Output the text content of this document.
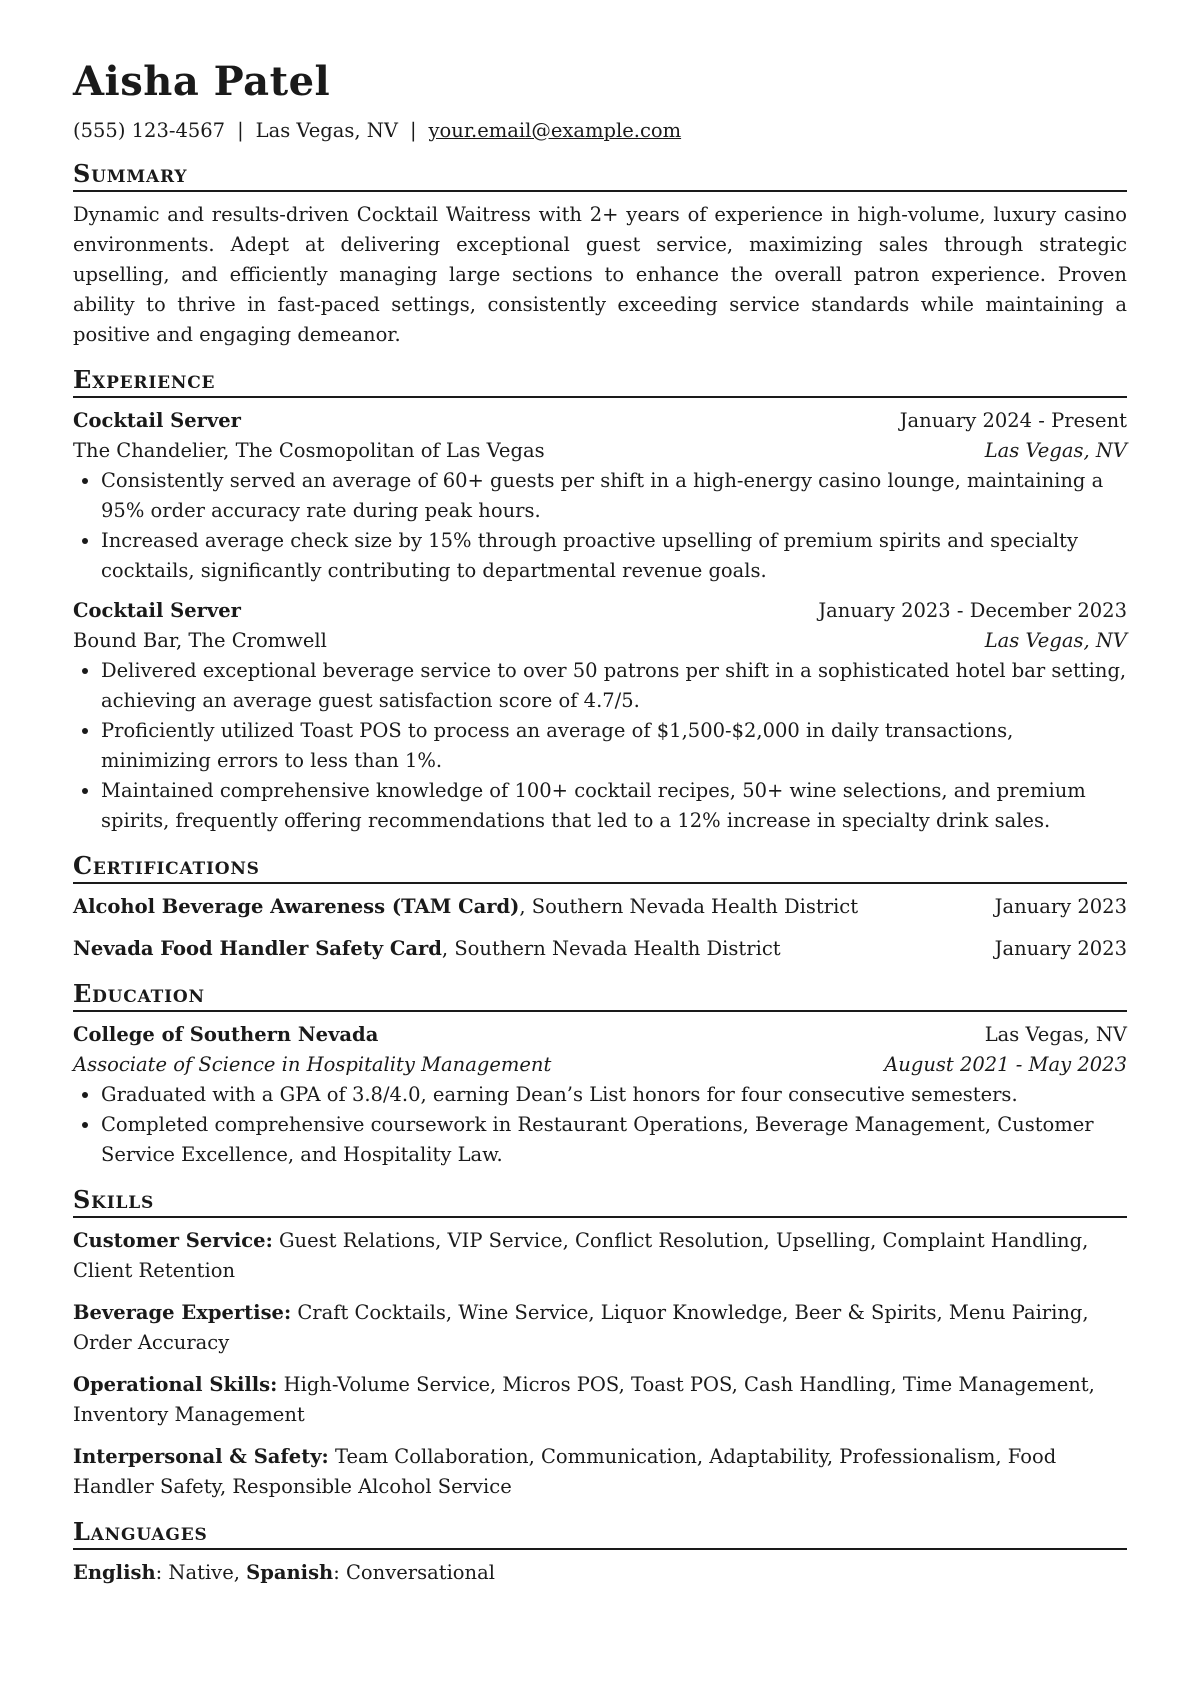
Aisha Patel
(555) 123-4567 | Las Vegas, NV | your.email@example.com
Summary
Dynamic and results-driven Cocktail Waitress with 2+ years of experience in high-volume, luxury casino environments. Adept at delivering exceptional guest service, maximizing sales through strategic upselling, and efficiently managing large sections to enhance the overall patron experience. Proven ability to thrive in fast-paced settings, consistently exceeding service standards while maintaining a positive and engaging demeanor.
Experience
Cocktail Server	January 2024 - Present
The Chandelier, The Cosmopolitan of Las Vegas	Las Vegas, NV
• Consistently served an average of 60+ guests per shift in a high-energy casino lounge, maintaining a 95% order accuracy rate during peak hours.
• Increased average check size by 15% through proactive upselling of premium spirits and specialty cocktails, significantly contributing to departmental revenue goals.
Cocktail Server	January 2023 - December 2023
Bound Bar, The Cromwell	Las Vegas, NV
• Delivered exceptional beverage service to over 50 patrons per shift in a sophisticated hotel bar setting, achieving an average guest satisfaction score of 4.7/5.
• Proficiently utilized Toast POS to process an average of $1,500-$2,000 in daily transactions, minimizing errors to less than 1%.
• Maintained comprehensive knowledge of 100+ cocktail recipes, 50+ wine selections, and premium spirits, frequently offering recommendations that led to a 12% increase in specialty drink sales.
Certifications
Alcohol Beverage Awareness (TAM Card), Southern Nevada Health District	January 2023
Nevada Food Handler Safety Card, Southern Nevada Health District	January 2023
Education
College of Southern Nevada	Las Vegas, NV
Associate of Science in Hospitality Management	August 2021 - May 2023
• Graduated with a GPA of 3.8/4.0, earning Dean’s List honors for four consecutive semesters.
• Completed comprehensive coursework in Restaurant Operations, Beverage Management, Customer Service Excellence, and Hospitality Law.
Skills
Customer Service: Guest Relations, VIP Service, Conflict Resolution, Upselling, Complaint Handling, Client Retention
Beverage Expertise: Craft Cocktails, Wine Service, Liquor Knowledge, Beer & Spirits, Menu Pairing, Order Accuracy
Operational Skills: High-Volume Service, Micros POS, Toast POS, Cash Handling, Time Management, Inventory Management
Interpersonal & Safety: Team Collaboration, Communication, Adaptability, Professionalism, Food Handler Safety, Responsible Alcohol Service
Languages
English: Native, Spanish: Conversational
